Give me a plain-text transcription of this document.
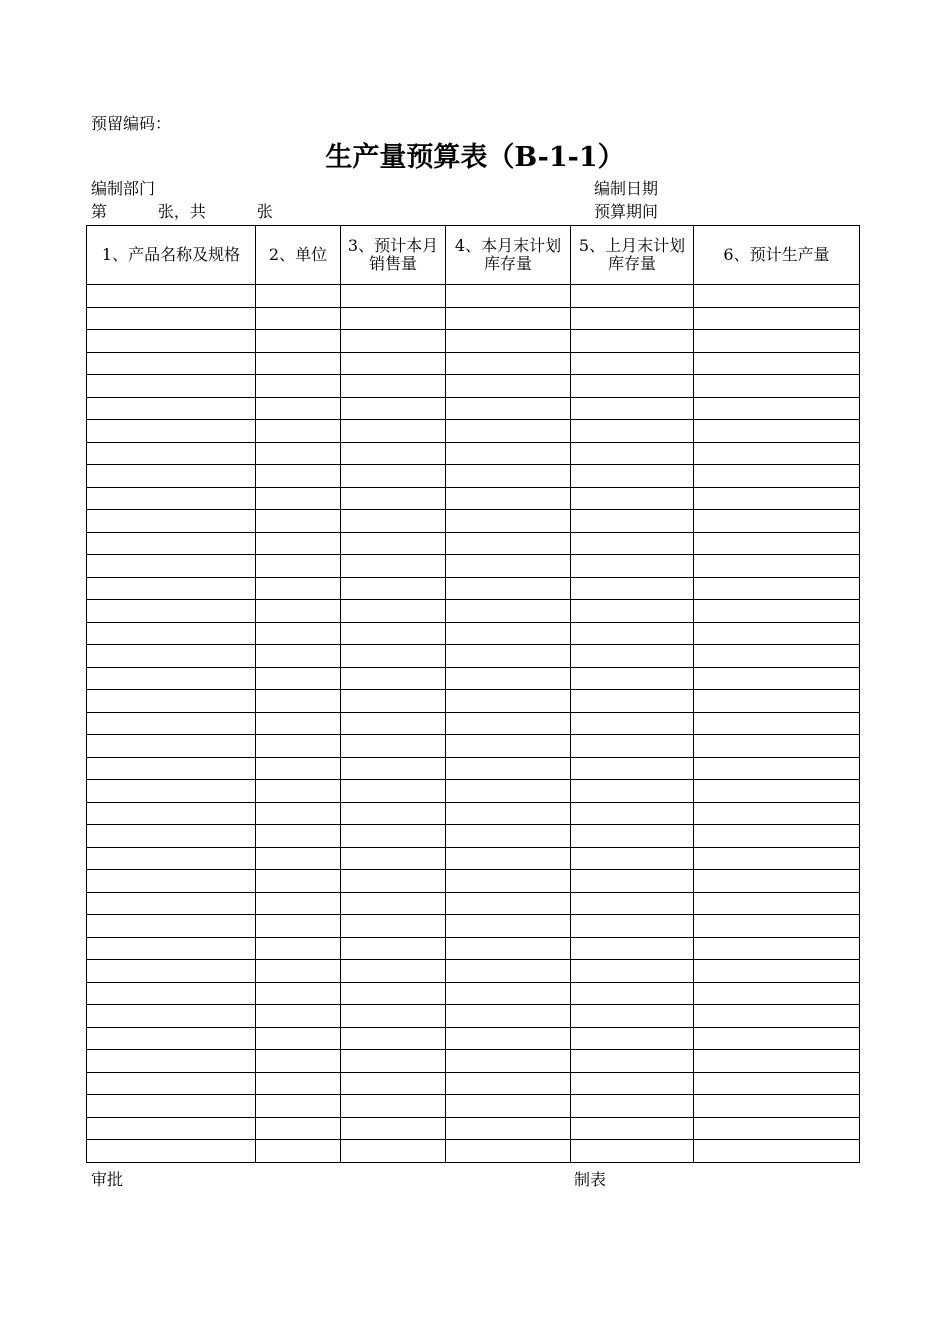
预留编码：
生产量预算表（B-1-1）
编制部门	编制日期
第          张，共          张	预算期间
1、产品名称及规格	2、单位	3、预计本月销售量	4、本月末计划库存量	5、上月末计划库存量	6、预计生产量

审批	制表
